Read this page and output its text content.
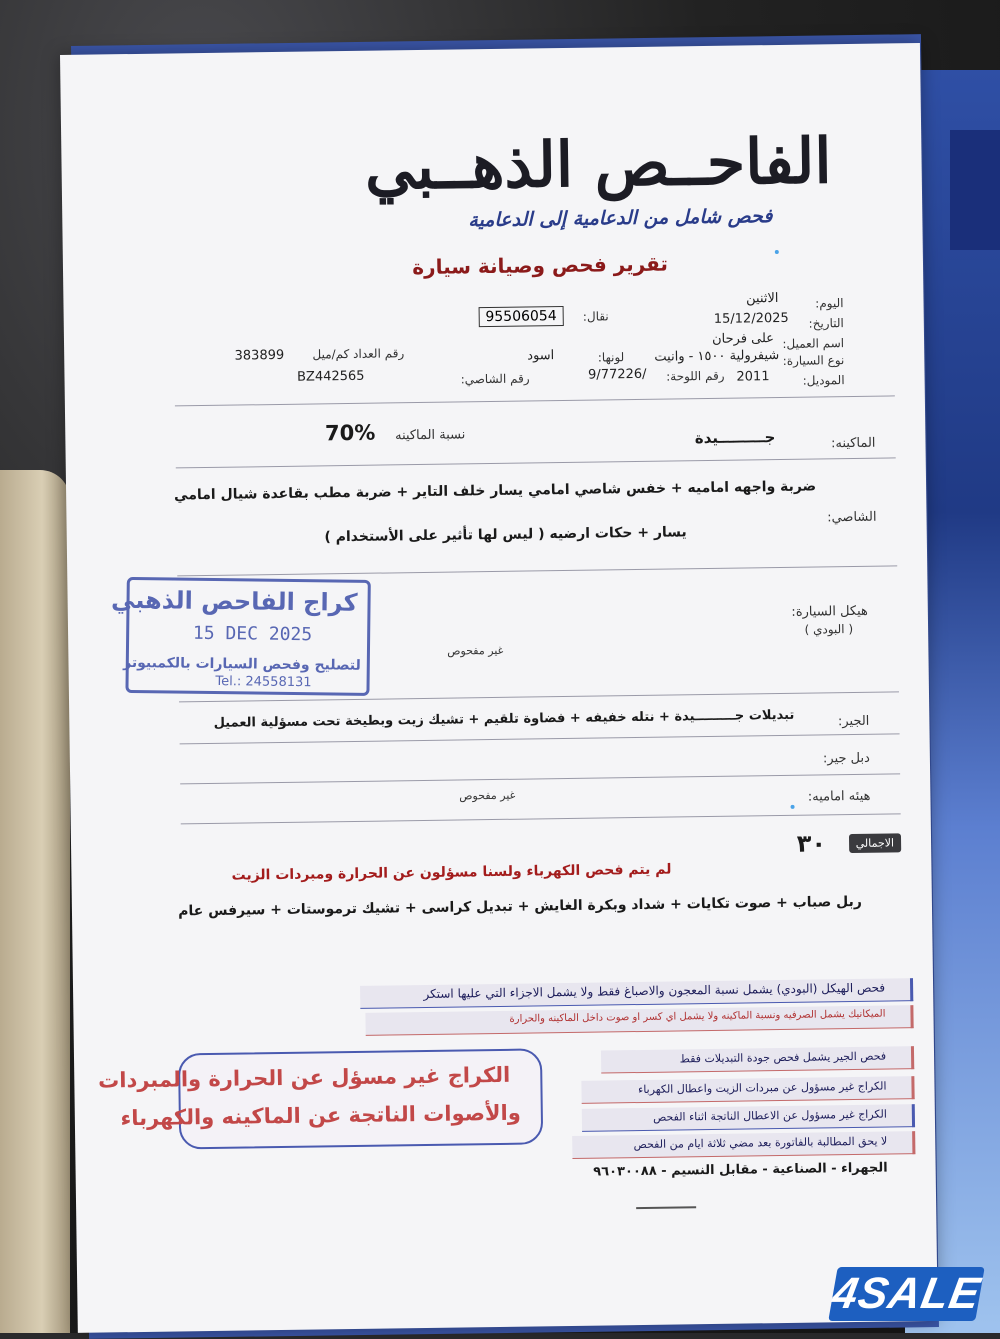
الفاحــص الذهــبي
فحص شامل من الدعامية إلى الدعامية
تقرير فحص وصيانة سيارة
اليوم:
الاثنين
التاريخ:
15/12/2025
اسم العميل:
على فرحان
نوع السيارة:
شيفرولية ١٥٠٠ - وانيت
الموديل:
2011
نقال:
95506054
لونها:
اسود
رقم اللوحة:
/9/77226
رقم الشاصي:
BZ442565
رقم العداد كم/ميل
383899
الماكينه:
جـــــــــيدة
نسبة الماكينه
70%
الشاصي:
ضربة واجهه اماميه + خفس شاصي امامي يسار خلف التاير + ضربة مطب بقاعدة شيال امامي
يسار + حكات ارضيه ( ليس لها تأثير على الأستخدام )
كراج الفاحص الذهبي
15 DEC 2025
لتصليح وفحص السيارات بالكمبيوتر
Tel.: 24558131
هيكل السيارة:
( البودي )
غير مفحوص
الجير:
تبديلات جـــــــــيدة + نتله خفيفه + فضاوة تلقيم + تشيك زيت وبطيخة تحت مسؤلية العميل
دبل جير:
هيئه اماميه:
غير مفحوص
الاجمالي
٣٠
لم يتم فحص الكهرباء ولسنا مسؤلون عن الحرارة ومبردات الزيت
ربل صباب + صوت تكايات + شداد وبكرة الغايش + تبديل كراسى + تشيك ترموستات + سيرفس عام
فحص الهيكل (البودي) يشمل نسبة المعجون والاصباغ فقط ولا يشمل الاجزاء التي عليها استكر
الميكانيك يشمل الصرفيه ونسبة الماكينه ولا يشمل اي كسر او صوت داخل الماكينه والحرارة
فحص الجير يشمل فحص جودة التبديلات فقط
الكراج غير مسؤول عن مبردات الزيت واعطال الكهرباء
الكراج غير مسؤول عن الاعطال الناتجة اثناء الفحص
لا يحق المطالبة بالفاتورة بعد مضي ثلاثة ايام من الفحص
الكراج غير مسؤل عن الحرارة والمبردات
والأصوات الناتجة عن الماكينه والكهرباء
الجهراء - الصناعية - مقابل النسيم - ٩٦٠٣٠٠٨٨
4SALE
